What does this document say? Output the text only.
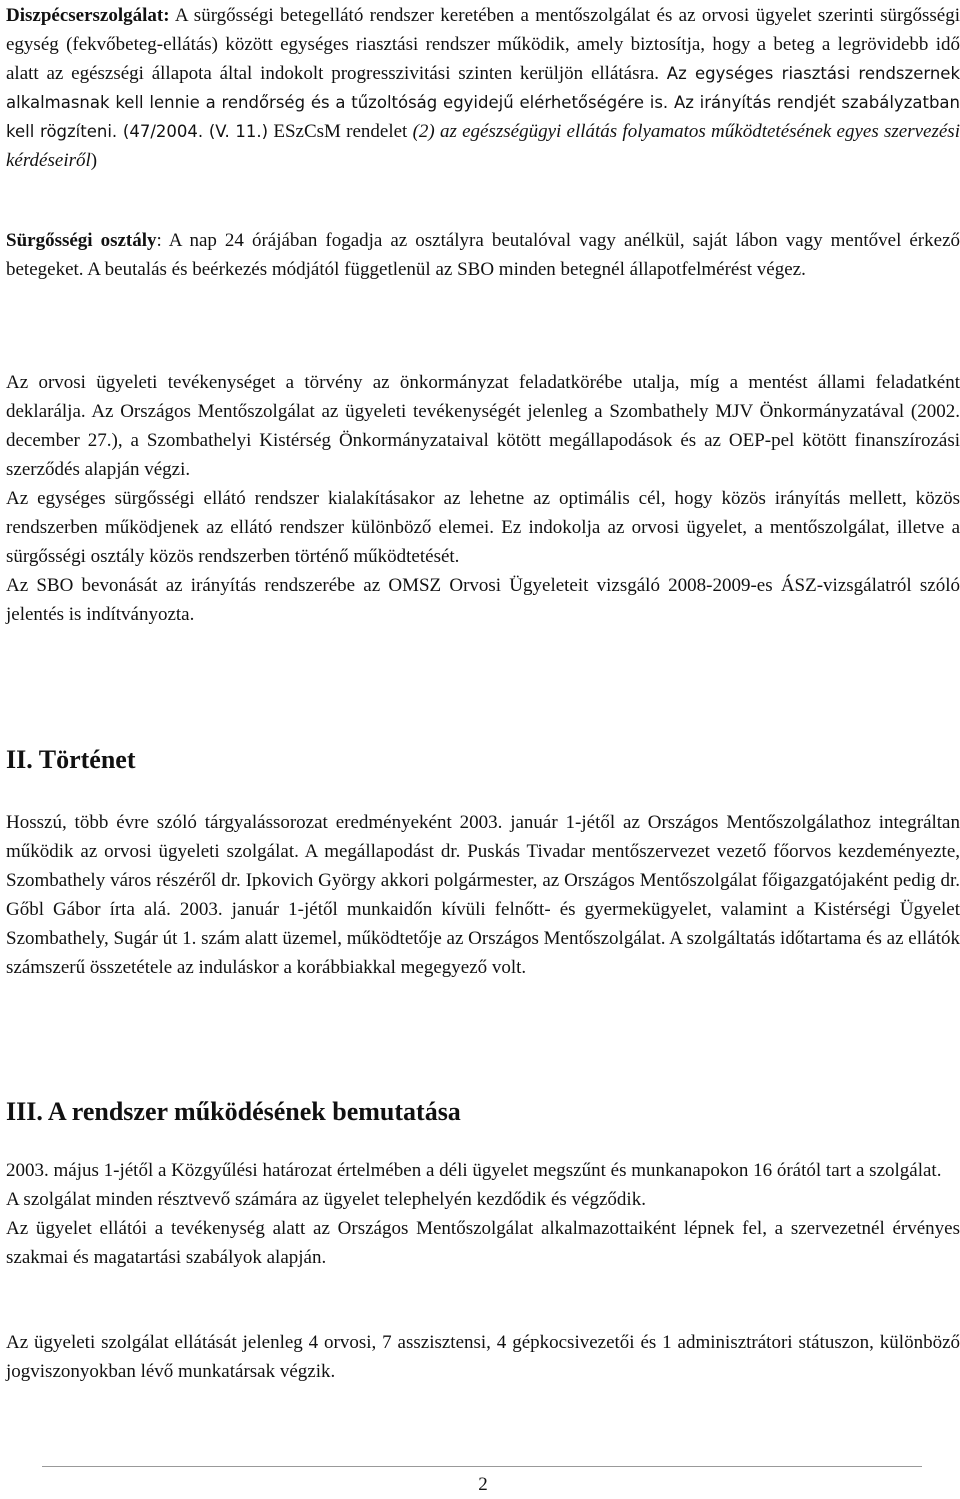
Diszpécserszolgálat: A sürgősségi betegellátó rendszer keretében a mentőszolgálat és az orvosi ügyelet szerinti sürgősségi egység (fekvőbeteg-ellátás) között egységes riasztási rendszer működik, amely biztosítja, hogy a beteg a legrövidebb idő alatt az egészségi állapota által indokolt progresszivitási szinten kerüljön ellátásra. Az egységes riasztási rendszernek alkalmasnak kell lennie a rendőrség és a tűzoltóság egyidejű elérhetőségére is. Az irányítás rendjét szabályzatban kell rögzíteni. (47/2004. (V. 11.) ESzCsM rendelet (2) az egészségügyi ellátás folyamatos működtetésének egyes szervezési kérdéseiről)

Sürgősségi osztály: A nap 24 órájában fogadja az osztályra beutalóval vagy anélkül, saját lábon vagy mentővel érkező betegeket. A beutalás és beérkezés módjától függetlenül az SBO minden betegnél állapotfelmérést végez.

Az orvosi ügyeleti tevékenységet a törvény az önkormányzat feladatkörébe utalja, míg a mentést állami feladatként deklarálja. Az Országos Mentőszolgálat az ügyeleti tevékenységét jelenleg a Szombathely MJV Önkormányzatával (2002. december 27.), a Szombathelyi Kistérség Önkormányzataival kötött megállapodások és az OEP-pel kötött finanszírozási szerződés alapján végzi.

Az egységes sürgősségi ellátó rendszer kialakításakor az lehetne az optimális cél, hogy közös irányítás mellett, közös rendszerben működjenek az ellátó rendszer különböző elemei. Ez indokolja az orvosi ügyelet, a mentőszolgálat, illetve a sürgősségi osztály közös rendszerben történő működtetését.

Az SBO bevonását az irányítás rendszerébe az OMSZ Orvosi Ügyeleteit vizsgáló 2008-2009-es ÁSZ-vizsgálatról szóló jelentés is indítványozta.

II. Történet

Hosszú, több évre szóló tárgyalássorozat eredményeként 2003. január 1-jétől az Országos Mentőszolgálathoz integráltan működik az orvosi ügyeleti szolgálat. A megállapodást dr. Puskás Tivadar mentőszervezet vezető főorvos kezdeményezte, Szombathely város részéről dr. Ipkovich György akkori polgármester, az Országos Mentőszolgálat főigazgatójaként pedig dr. Gőbl Gábor írta alá. 2003. január 1-jétől munkaidőn kívüli felnőtt- és gyermekügyelet, valamint a Kistérségi Ügyelet Szombathely, Sugár út 1. szám alatt üzemel, működtetője az Országos Mentőszolgálat. A szolgáltatás időtartama és az ellátók számszerű összetétele az induláskor a korábbiakkal megegyező volt.

III. A rendszer működésének bemutatása

2003. május 1-jétől a Közgyűlési határozat értelmében a déli ügyelet megszűnt és munkanapokon 16 órától tart a szolgálat.

A szolgálat minden résztvevő számára az ügyelet telephelyén kezdődik és végződik.

Az ügyelet ellátói a tevékenység alatt az Országos Mentőszolgálat alkalmazottaiként lépnek fel, a szervezetnél érvényes szakmai és magatartási szabályok alapján.

Az ügyeleti szolgálat ellátását jelenleg 4 orvosi, 7 asszisztensi, 4 gépkocsivezetői és 1 adminisztrátori státuszon, különböző jogviszonyokban lévő munkatársak végzik.

2
